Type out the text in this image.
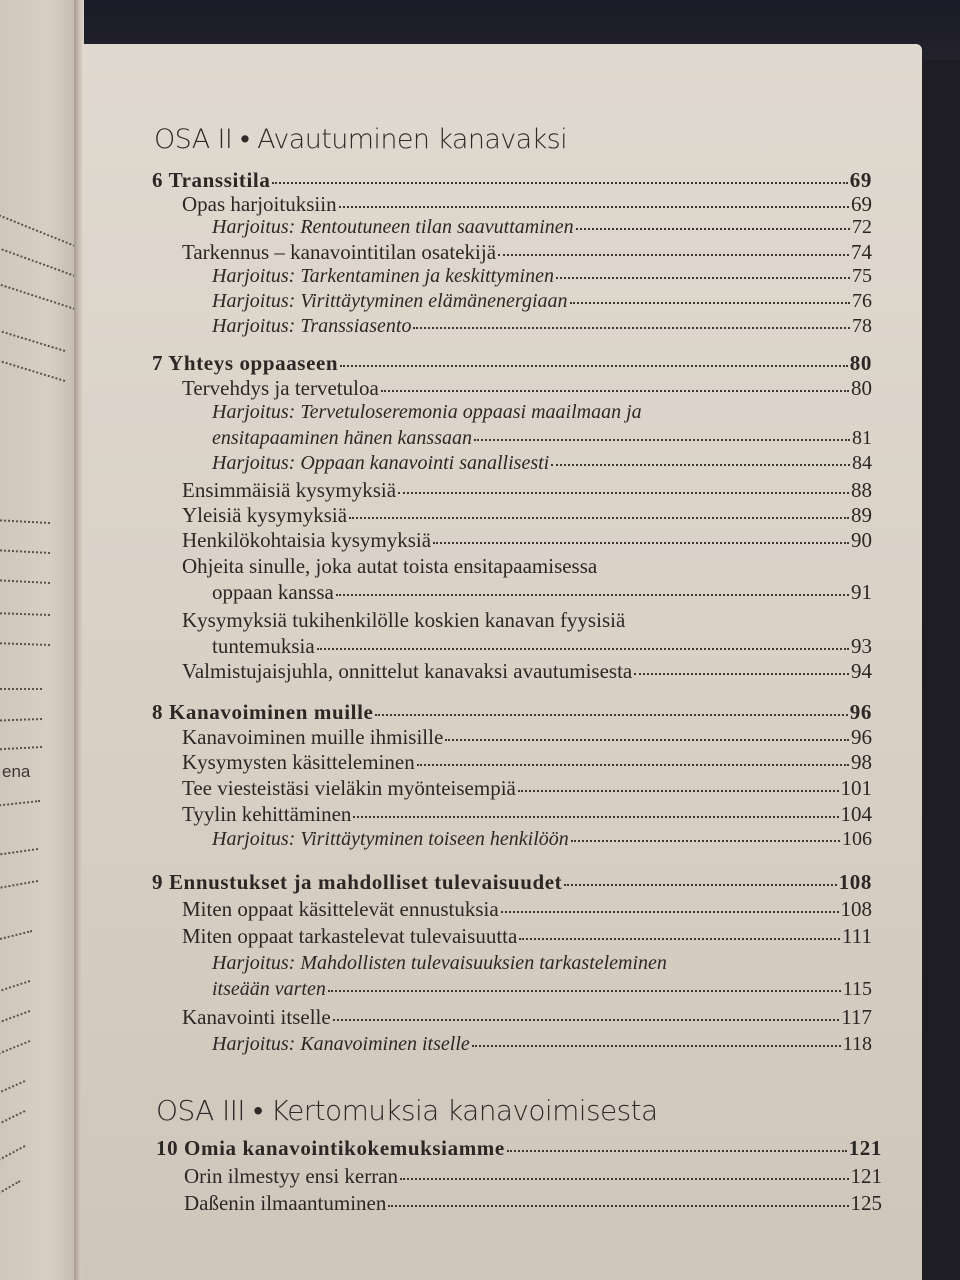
ena
OSA II • Avautuminen kanavaksi
6 Transsitila	69
Opas harjoituksiin	69
Harjoitus: Rentoutuneen tilan saavuttaminen	72
Tarkennus – kanavointitilan osatekijä	74
Harjoitus: Tarkentaminen ja keskittyminen	75
Harjoitus: Virittäytyminen elämänenergiaan	76
Harjoitus: Transsiasento	78
7 Yhteys oppaaseen	80
Tervehdys ja tervetuloa	80
Harjoitus: Tervetuloseremonia oppaasi maailmaan ja
ensitapaaminen hänen kanssaan	81
Harjoitus: Oppaan kanavointi sanallisesti	84
Ensimmäisiä kysymyksiä	88
Yleisiä kysymyksiä	89
Henkilökohtaisia kysymyksiä	90
Ohjeita sinulle, joka autat toista ensitapaamisessa
oppaan kanssa	91
Kysymyksiä tukihenkilölle koskien kanavan fyysisiä
tuntemuksia	93
Valmistujaisjuhla, onnittelut kanavaksi avautumisesta	94
8 Kanavoiminen muille	96
Kanavoiminen muille ihmisille	96
Kysymysten käsitteleminen	98
Tee viesteistäsi vieläkin myönteisempiä	101
Tyylin kehittäminen	104
Harjoitus: Virittäytyminen toiseen henkilöön	106
9 Ennustukset ja mahdolliset tulevaisuudet	108
Miten oppaat käsittelevät ennustuksia	108
Miten oppaat tarkastelevat tulevaisuutta	111
Harjoitus: Mahdollisten tulevaisuuksien tarkasteleminen
itseään varten	115
Kanavointi itselle	117
Harjoitus: Kanavoiminen itselle	118
OSA III • Kertomuksia kanavoimisesta
10 Omia kanavointikokemuksiamme	121
Orin ilmestyy ensi kerran	121
Daßenin ilmaantuminen	125
